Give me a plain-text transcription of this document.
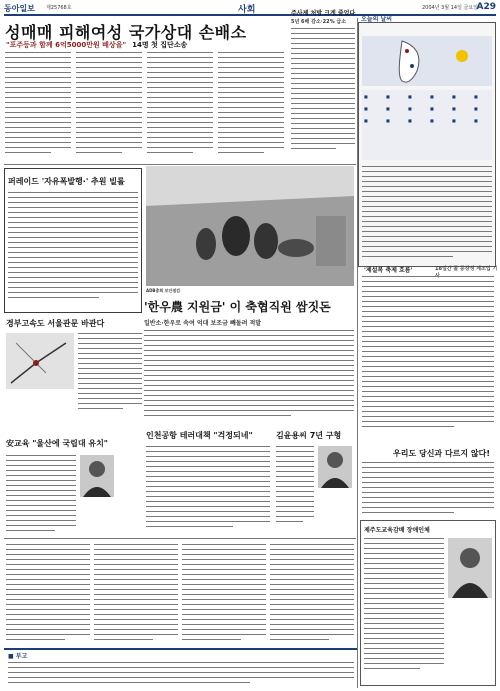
동아일보 제25768호	사회	2004년 3월 14일 금요일
A29
성매매 피해여성 국가상대 손배소
"포주등과 함께 6억5000만원 배상을" 14명 첫 집단소송
주사제 처방 크게 줄었다
5년 6배 감소·22% 급소
퍼레이드 '자유폭발행·' 추원 빌롤
ADB총회 보안점검
'한우農 지원금' 이 축협직원 쌈짓돈
일반소·한우로 속여 억대 보조금 빼돌려 적발
경부고속도 서울관문 바관다
安교육 "울산에 국립대 유치"
인천공항 테러대책 "걱정되네"	김윤용씨 7년 구형
■ 부고
오늘의 날씨
■	■	■	■	■	■
■	■	■	■	■	■
■	■	■	■	■	■
'제설복 축제 흐름'	18일간 돌 등장성 계조입 기
우리도 당신과 다르지 않다!
제주도교육감배 장애인체
